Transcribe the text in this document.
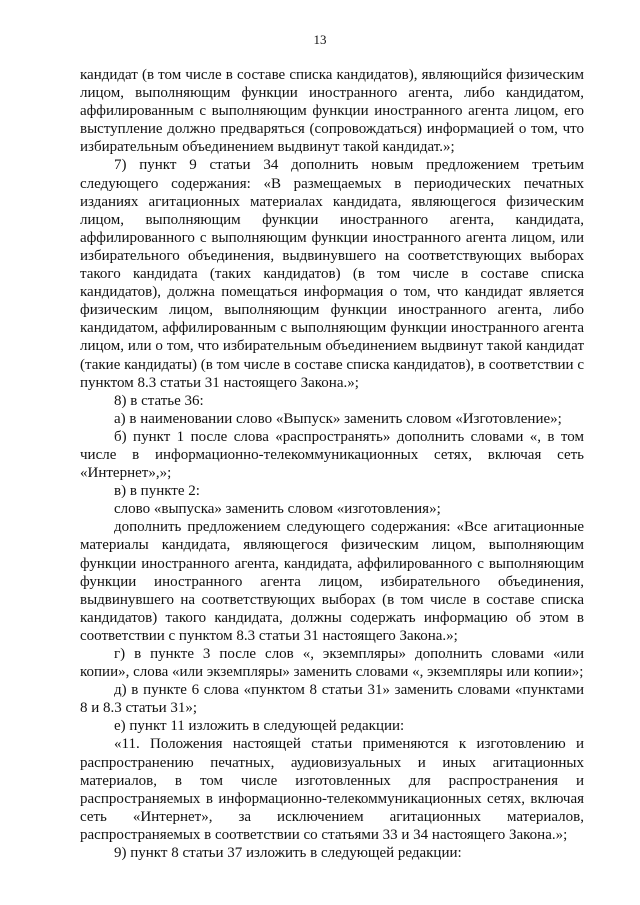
13

кандидат (в том числе в составе списка кандидатов), являющийся физическим лицом, выполняющим функции иностранного агента, либо кандидатом, аффилированным с выполняющим функции иностранного агента лицом, его выступление должно предваряться (сопровождаться) информацией о том, что избирательным объединением выдвинут такой кандидат.»;

7) пункт 9 статьи 34 дополнить новым предложением третьим следующего содержания: «В размещаемых в периодических печатных изданиях агитационных материалах кандидата, являющегося физическим лицом, выполняющим функции иностранного агента, кандидата, аффилированного с выполняющим функции иностранного агента лицом, или избирательного объединения, выдвинувшего на соответствующих выборах такого кандидата (таких кандидатов) (в том числе в составе списка кандидатов), должна помещаться информация о том, что кандидат является физическим лицом, выполняющим функции иностранного агента, либо кандидатом, аффилированным с выполняющим функции иностранного агента лицом, или о том, что избирательным объединением выдвинут такой кандидат (такие кандидаты) (в том числе в составе списка кандидатов), в соответствии с пунктом 8.3 статьи 31 настоящего Закона.»;

8) в статье 36:

а) в наименовании слово «Выпуск» заменить словом «Изготовление»;

б) пункт 1 после слова «распространять» дополнить словами «, в том числе в информационно-телекоммуникационных сетях, включая сеть «Интернет»,»;

в) в пункте 2:

слово «выпуска» заменить словом «изготовления»;

дополнить предложением следующего содержания: «Все агитационные материалы кандидата, являющегося физическим лицом, выполняющим функции иностранного агента, кандидата, аффилированного с выполняющим функции иностранного агента лицом, избирательного объединения, выдвинувшего на соответствующих выборах (в том числе в составе списка кандидатов) такого кандидата, должны содержать информацию об этом в соответствии с пунктом 8.3 статьи 31 настоящего Закона.»;

г) в пункте 3 после слов «, экземпляры» дополнить словами «или копии», слова «или экземпляры» заменить словами «, экземпляры или копии»;

д) в пункте 6 слова «пунктом 8 статьи 31» заменить словами «пунктами 8 и 8.3 статьи 31»;

е) пункт 11 изложить в следующей редакции:

«11. Положения настоящей статьи применяются к изготовлению и распространению печатных, аудиовизуальных и иных агитационных материалов, в том числе изготовленных для распространения и распространяемых в информационно-телекоммуникационных сетях, включая сеть «Интернет», за исключением агитационных материалов, распространяемых в соответствии со статьями 33 и 34 настоящего Закона.»;

9) пункт 8 статьи 37 изложить в следующей редакции:
